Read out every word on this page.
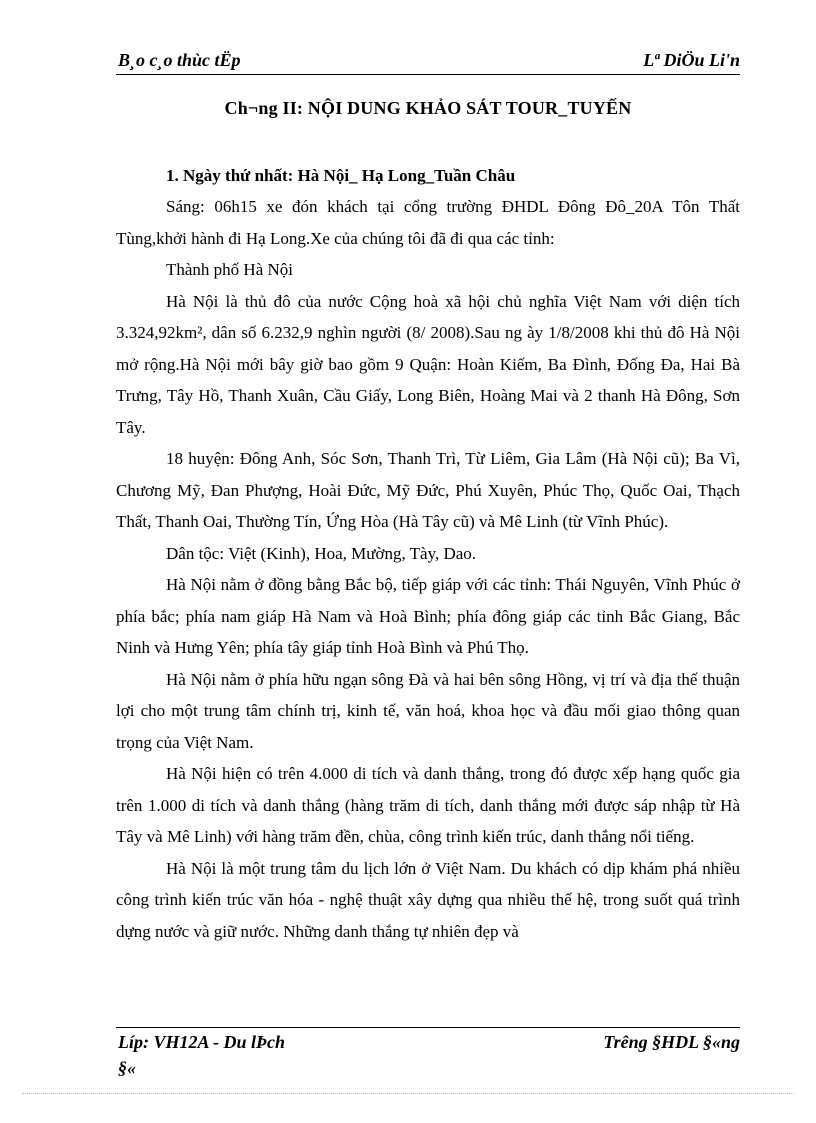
B¸o c¸o thùc tËp	Lª DiÖu Li'n
Ch¬ng II: NỘI DUNG KHẢO SÁT TOUR_TUYẾN
1. Ngày thứ nhất: Hà Nội_ Hạ Long_Tuần Châu

Sáng: 06h15 xe đón khách tại cổng trường ĐHDL Đông Đô_20A Tôn Thất Tùng,khởi hành đi Hạ Long.Xe của chúng tôi đã đi qua các tỉnh:

Thành phố Hà Nội

Hà Nội là thủ đô của nước Cộng hoà xã hội chủ nghĩa Việt Nam với diện tích 3.324,92km², dân số 6.232,9 nghìn người (8/ 2008).Sau ng ày 1/8/2008 khi thủ đô Hà Nội mở rộng.Hà Nội mới bây giờ bao gồm 9 Quận: Hoàn Kiếm, Ba Đình, Đống Đa, Hai Bà Trưng, Tây Hồ, Thanh Xuân, Cầu Giấy, Long Biên, Hoàng Mai và 2 thanh Hà Đông, Sơn Tây.

18 huyện: Đông Anh, Sóc Sơn, Thanh Trì, Từ Liêm, Gia Lâm (Hà Nội cũ); Ba Vì, Chương Mỹ, Đan Phượng, Hoài Đức, Mỹ Đức, Phú Xuyên, Phúc Thọ, Quốc Oai, Thạch Thất, Thanh Oai, Thường Tín, Ứng Hòa (Hà Tây cũ) và Mê Linh (từ Vĩnh Phúc).

Dân tộc: Việt (Kinh), Hoa, Mường, Tày, Dao.

Hà Nội nằm ở đồng bằng Bắc bộ, tiếp giáp với các tỉnh: Thái Nguyên, Vĩnh Phúc ở phía bắc; phía nam giáp Hà Nam và Hoà Bình; phía đông giáp các tỉnh Bắc Giang, Bắc Ninh và Hưng Yên; phía tây giáp tỉnh Hoà Bình và Phú Thọ.

Hà Nội nằm ở phía hữu ngạn sông Đà và hai bên sông Hồng, vị trí và địa thế thuận lợi cho một trung tâm chính trị, kinh tế, văn hoá, khoa học và đầu mối giao thông quan trọng của Việt Nam.

Hà Nội hiện có trên 4.000 di tích và danh thắng, trong đó được xếp hạng quốc gia trên 1.000 di tích và danh thắng (hàng trăm di tích, danh thắng mới được sáp nhập từ Hà Tây và Mê Linh) với hàng trăm đền, chùa, công trình kiến trúc, danh thắng nổi tiếng.

Hà Nội là một trung tâm du lịch lớn ở Việt Nam. Du khách có dịp khám phá nhiều công trình kiến trúc văn hóa - nghệ thuật xây dựng qua nhiều thế hệ, trong suốt quá trình dựng nước và giữ nước. Những danh thắng tự nhiên đẹp và

Líp: VH12A - Du lÞch	Trêng §HDL §«ng
§«
